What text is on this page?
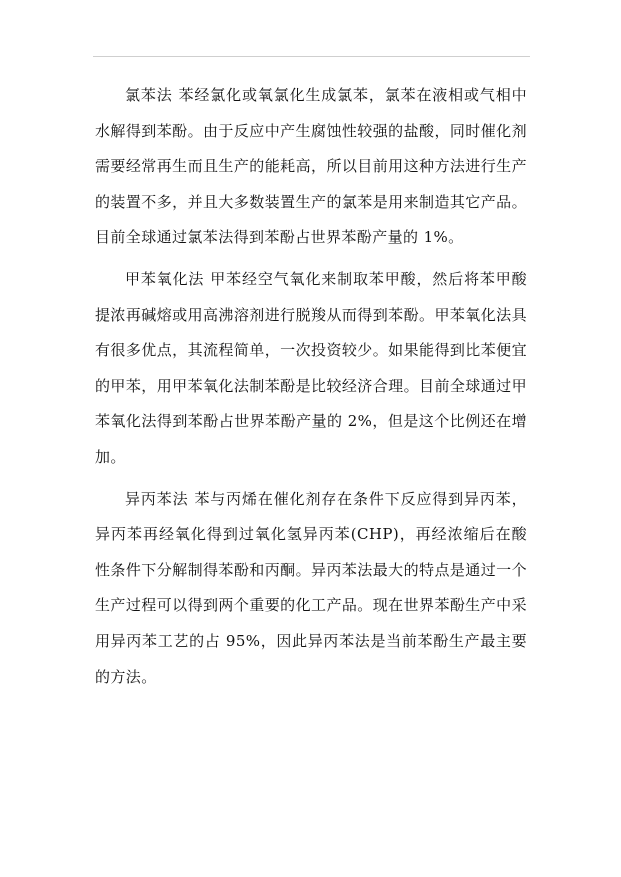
氯苯法 苯经氯化或氧氯化生成氯苯，氯苯在液相或气相中水解得到苯酚。由于反应中产生腐蚀性较强的盐酸，同时催化剂需要经常再生而且生产的能耗高，所以目前用这种方法进行生产的装置不多，并且大多数装置生产的氯苯是用来制造其它产品。目前全球通过氯苯法得到苯酚占世界苯酚产量的 1%。

甲苯氧化法 甲苯经空气氧化来制取苯甲酸，然后将苯甲酸提浓再碱熔或用高沸溶剂进行脱羧从而得到苯酚。甲苯氧化法具有很多优点，其流程简单，一次投资较少。如果能得到比苯便宜的甲苯，用甲苯氧化法制苯酚是比较经济合理。目前全球通过甲苯氧化法得到苯酚占世界苯酚产量的 2%，但是这个比例还在增加。

异丙苯法 苯与丙烯在催化剂存在条件下反应得到异丙苯，异丙苯再经氧化得到过氧化氢异丙苯(CHP)，再经浓缩后在酸性条件下分解制得苯酚和丙酮。异丙苯法最大的特点是通过一个生产过程可以得到两个重要的化工产品。现在世界苯酚生产中采用异丙苯工艺的占 95%，因此异丙苯法是当前苯酚生产最主要的方法。
